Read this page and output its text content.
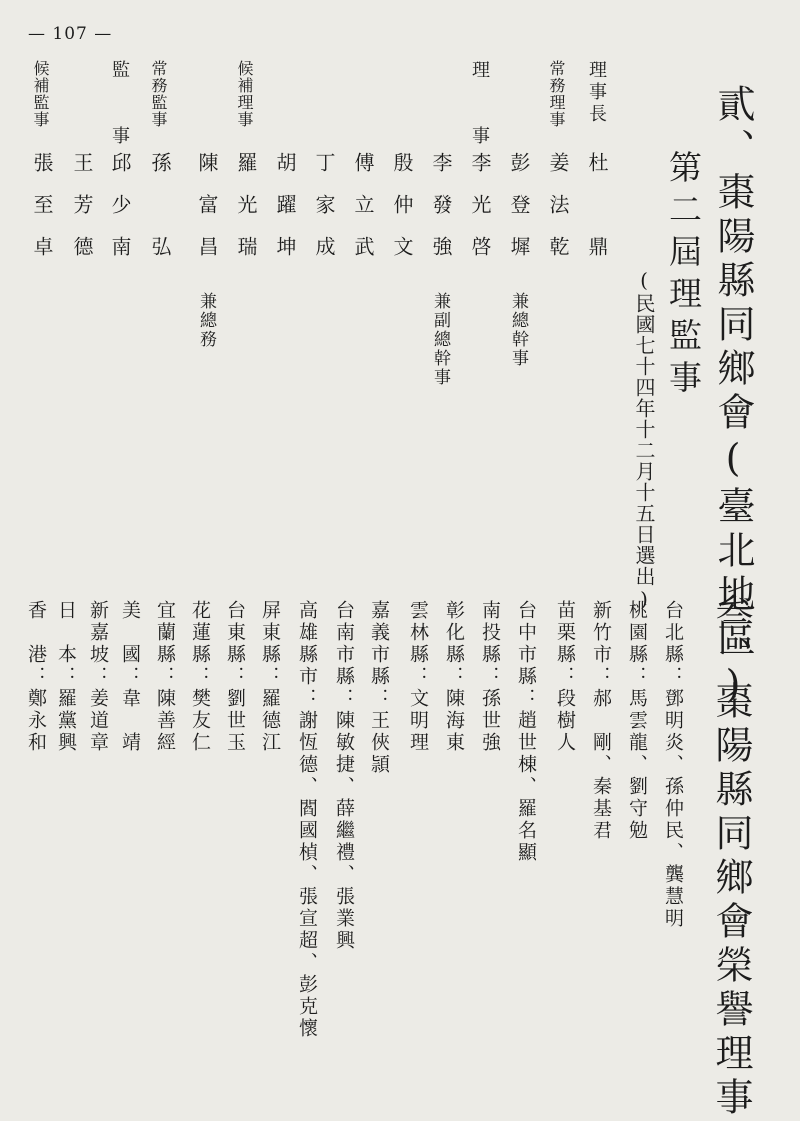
— 107 —
貳、棗陽縣同鄉會(臺北地區)
第二屆理監事
(民國七十四年十二月十五日選出)
理事長
杜　鼎
常務理事
姜法乾
彭登墀
兼總幹事
理　　事
李光啓
李發強
兼副總幹事
殷仲文
傅立武
丁家成
胡躍坤
候補理事
羅光瑞
陳富昌
兼總務
常務監事
孫　弘
監　　事
邱少南
王芳德
候補監事
張至卓
叁、棗陽縣同鄉會榮譽理事
台北縣：鄧明炎、孫仲民、龔慧明
桃園縣：馬雲龍、劉守勉
新竹市：郝　剛、秦基君
苗栗縣：段樹人
台中市縣：趙世棟、羅名顯
南投縣：孫世強
彰化縣：陳海東
雲林縣：文明理
嘉義市縣：王俠頴
台南市縣：陳敏捷、薛繼禮、張業興
高雄縣市：謝恆德、閻國楨、張宣超、彭克懷
屏東縣：羅德江
台東縣：劉世玉
花蓮縣：樊友仁
宜蘭縣：陳善經
美　國：韋　靖
新嘉坡：姜道章
日　本：羅黨興
香　港：鄭永和
